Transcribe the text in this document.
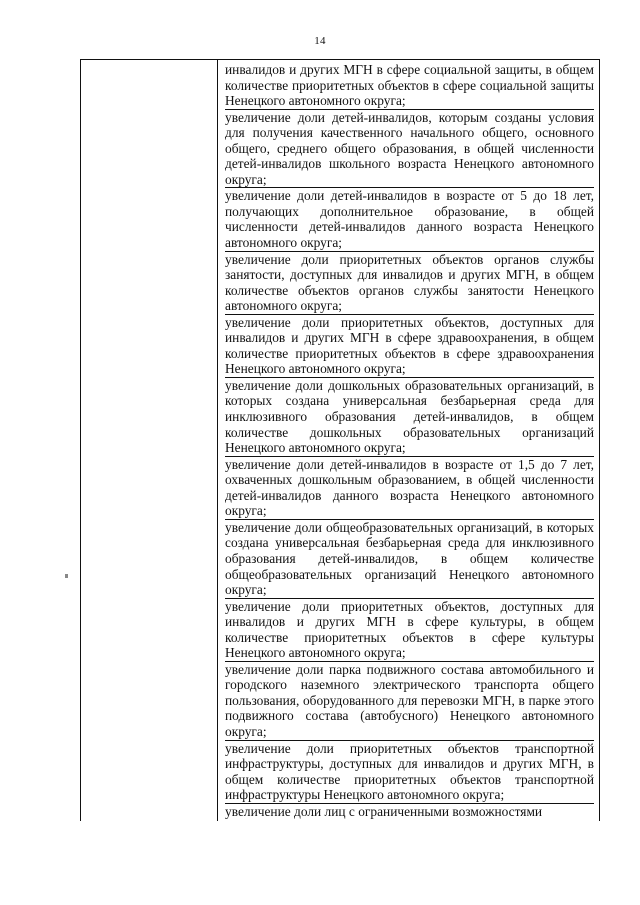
14

инвалидов и других МГН в сфере социальной защиты, в общем количестве приоритетных объектов в сфере социальной защиты Ненецкого автономного округа;

увеличение доли детей-инвалидов, которым созданы условия для получения качественного начального общего, основного общего, среднего общего образования, в общей численности детей-инвалидов школьного возраста Ненецкого автономного округа;

увеличение доли детей-инвалидов в возрасте от 5 до 18 лет, получающих дополнительное образование, в общей численности детей-инвалидов данного возраста Ненецкого автономного округа;

увеличение доли приоритетных объектов органов службы занятости, доступных для инвалидов и других МГН, в общем количестве объектов органов службы занятости Ненецкого автономного округа;

увеличение доли приоритетных объектов, доступных для инвалидов и других МГН в сфере здравоохранения, в общем количестве приоритетных объектов в сфере здравоохранения Ненецкого автономного округа;

увеличение доли дошкольных образовательных организаций, в которых создана универсальная безбарьерная среда для инклюзивного образования детей-инвалидов, в общем количестве дошкольных образовательных организаций Ненецкого автономного округа;

увеличение доли детей-инвалидов в возрасте от 1,5 до 7 лет, охваченных дошкольным образованием, в общей численности детей-инвалидов данного возраста Ненецкого автономного округа;

увеличение доли общеобразовательных организаций, в которых создана универсальная безбарьерная среда для инклюзивного образования детей-инвалидов, в общем количестве общеобразовательных организаций Ненецкого автономного округа;

увеличение доли приоритетных объектов, доступных для инвалидов и других МГН в сфере культуры, в общем количестве приоритетных объектов в сфере культуры Ненецкого автономного округа;

увеличение доли парка подвижного состава автомобильного и городского наземного электрического транспорта общего пользования, оборудованного для перевозки МГН, в парке этого подвижного состава (автобусного) Ненецкого автономного округа;

увеличение доли приоритетных объектов транспортной инфраструктуры, доступных для инвалидов и других МГН, в общем количестве приоритетных объектов транспортной инфраструктуры Ненецкого автономного округа;

увеличение доли лиц с ограниченными возможностями
